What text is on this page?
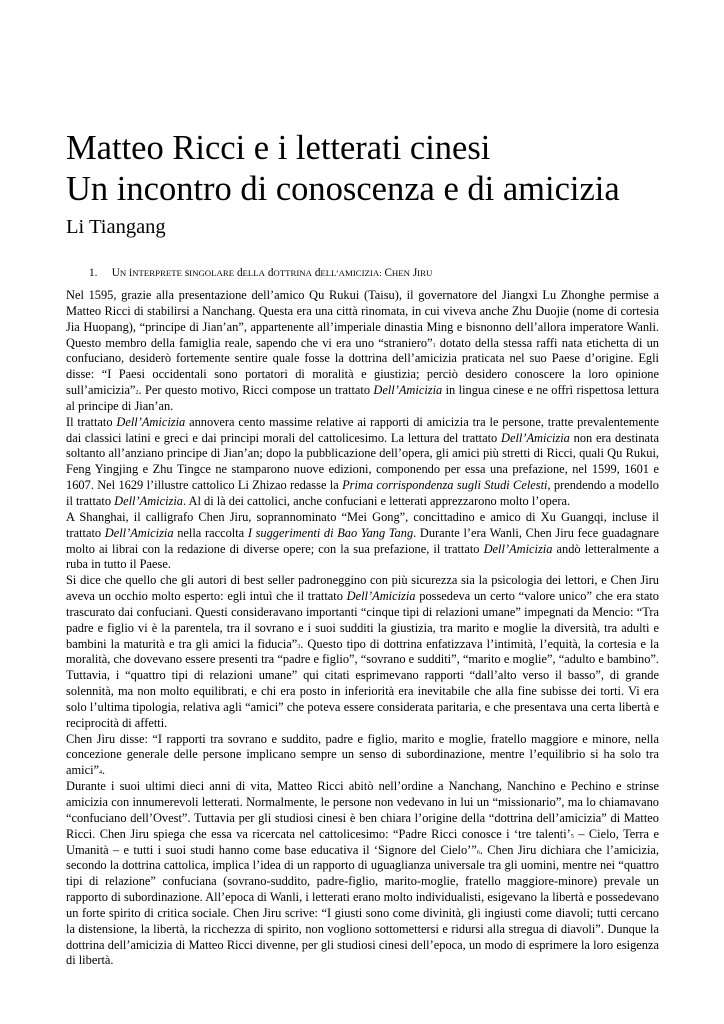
Matteo Ricci e i letterati cinesi
Un incontro di conoscenza e di amicizia
Li Tiangang
1. UN iNTERPRETE sINGOLARE dELLA dOTTRINA dELL’AMICIZIA: CHEN JIRU

Nel 1595, grazie alla presentazione dell’amico Qu Rukui (Taisu), il governatore del Jiangxi Lu Zhonghe permise a Matteo Ricci di stabilirsi a Nanchang. Questa era una città rinomata, in cui viveva anche Zhu Duojie (nome di cortesia Jia Huopang), “principe di Jian’an”, appartenente all’imperiale dinastia Ming e bisnonno dell’allora imperatore Wanli. Questo membro della famiglia reale, sapendo che vi era uno “straniero”1 dotato della stessa raffi nata etichetta di un confuciano, desiderò fortemente sentire quale fosse la dottrina dell’amicizia praticata nel suo Paese d’origine. Egli disse: “I Paesi occidentali sono portatori di moralità e giustizia; perciò desidero conoscere la loro opinione sull’amicizia”2. Per questo motivo, Ricci compose un trattato Dell’Amicizia in lingua cinese e ne offrì rispettosa lettura al principe di Jian’an.

Il trattato Dell’Amicizia annovera cento massime relative ai rapporti di amicizia tra le persone, tratte prevalentemente dai classici latini e greci e dai principi morali del cattolicesimo. La lettura del trattato Dell’Amicizia non era destinata soltanto all’anziano principe di Jian’an; dopo la pubblicazione dell’opera, gli amici più stretti di Ricci, quali Qu Rukui, Feng Yingjing e Zhu Tingce ne stamparono nuove edizioni, componendo per essa una prefazione, nel 1599, 1601 e 1607. Nel 1629 l’illustre cattolico Li Zhizao redasse la Prima corrispondenza sugli Studi Celesti, prendendo a modello il trattato Dell’Amicizia. Al di là dei cattolici, anche confuciani e letterati apprezzarono molto l’opera.

A Shanghai, il calligrafo Chen Jiru, soprannominato “Mei Gong”, concittadino e amico di Xu Guangqi, incluse il trattato Dell’Amicizia nella raccolta I suggerimenti di Bao Yang Tang. Durante l’era Wanli, Chen Jiru fece guadagnare molto ai librai con la redazione di diverse opere; con la sua prefazione, il trattato Dell’Amicizia andò letteralmente a ruba in tutto il Paese.

Si dice che quello che gli autori di best seller padroneggino con più sicurezza sia la psicologia dei lettori, e Chen Jiru aveva un occhio molto esperto: egli intuì che il trattato Dell’Amicizia possedeva un certo “valore unico” che era stato trascurato dai confuciani. Questi consideravano importanti “cinque tipi di relazioni umane” impegnati da Mencio: “Tra padre e figlio vi è la parentela, tra il sovrano e i suoi sudditi la giustizia, tra marito e moglie la diversità, tra adulti e bambini la maturità e tra gli amici la fiducia”3. Questo tipo di dottrina enfatizzava l’intimità, l’equità, la cortesia e la moralità, che dovevano essere presenti tra “padre e figlio”, “sovrano e sudditi”, “marito e moglie”, “adulto e bambino”. Tuttavia, i “quattro tipi di relazioni umane” qui citati esprimevano rapporti “dall’alto verso il basso”, di grande solennità, ma non molto equilibrati, e chi era posto in inferiorità era inevitabile che alla fine subisse dei torti. Vi era solo l’ultima tipologia, relativa agli “amici” che poteva essere considerata paritaria, e che presentava una certa libertà e reciprocità di affetti.

Chen Jiru disse: “I rapporti tra sovrano e suddito, padre e figlio, marito e moglie, fratello maggiore e minore, nella concezione generale delle persone implicano sempre un senso di subordinazione, mentre l’equilibrio si ha solo tra amici”4.

Durante i suoi ultimi dieci anni di vita, Matteo Ricci abitò nell’ordine a Nanchang, Nanchino e Pechino e strinse amicizia con innumerevoli letterati. Normalmente, le persone non vedevano in lui un “missionario”, ma lo chiamavano “confuciano dell’Ovest”. Tuttavia per gli studiosi cinesi è ben chiara l’origine della “dottrina dell’amicizia” di Matteo Ricci. Chen Jiru spiega che essa va ricercata nel cattolicesimo: “Padre Ricci conosce i ‘tre talenti’5 – Cielo, Terra e Umanità – e tutti i suoi studi hanno come base educativa il ‘Signore del Cielo’”6. Chen Jiru dichiara che l’amicizia, secondo la dottrina cattolica, implica l’idea di un rapporto di uguaglianza universale tra gli uomini, mentre nei “quattro tipi di relazione” confuciana (sovrano-suddito, padre-figlio, marito-moglie, fratello maggiore-minore) prevale un rapporto di subordinazione. All’epoca di Wanli, i letterati erano molto individualisti, esigevano la libertà e possedevano un forte spirito di critica sociale. Chen Jiru scrive: “I giusti sono come divinità, gli ingiusti come diavoli; tutti cercano la distensione, la libertà, la ricchezza di spirito, non vogliono sottomettersi e ridursi alla stregua di diavoli”. Dunque la dottrina dell’amicizia di Matteo Ricci divenne, per gli studiosi cinesi dell’epoca, un modo di esprimere la loro esigenza di libertà.
